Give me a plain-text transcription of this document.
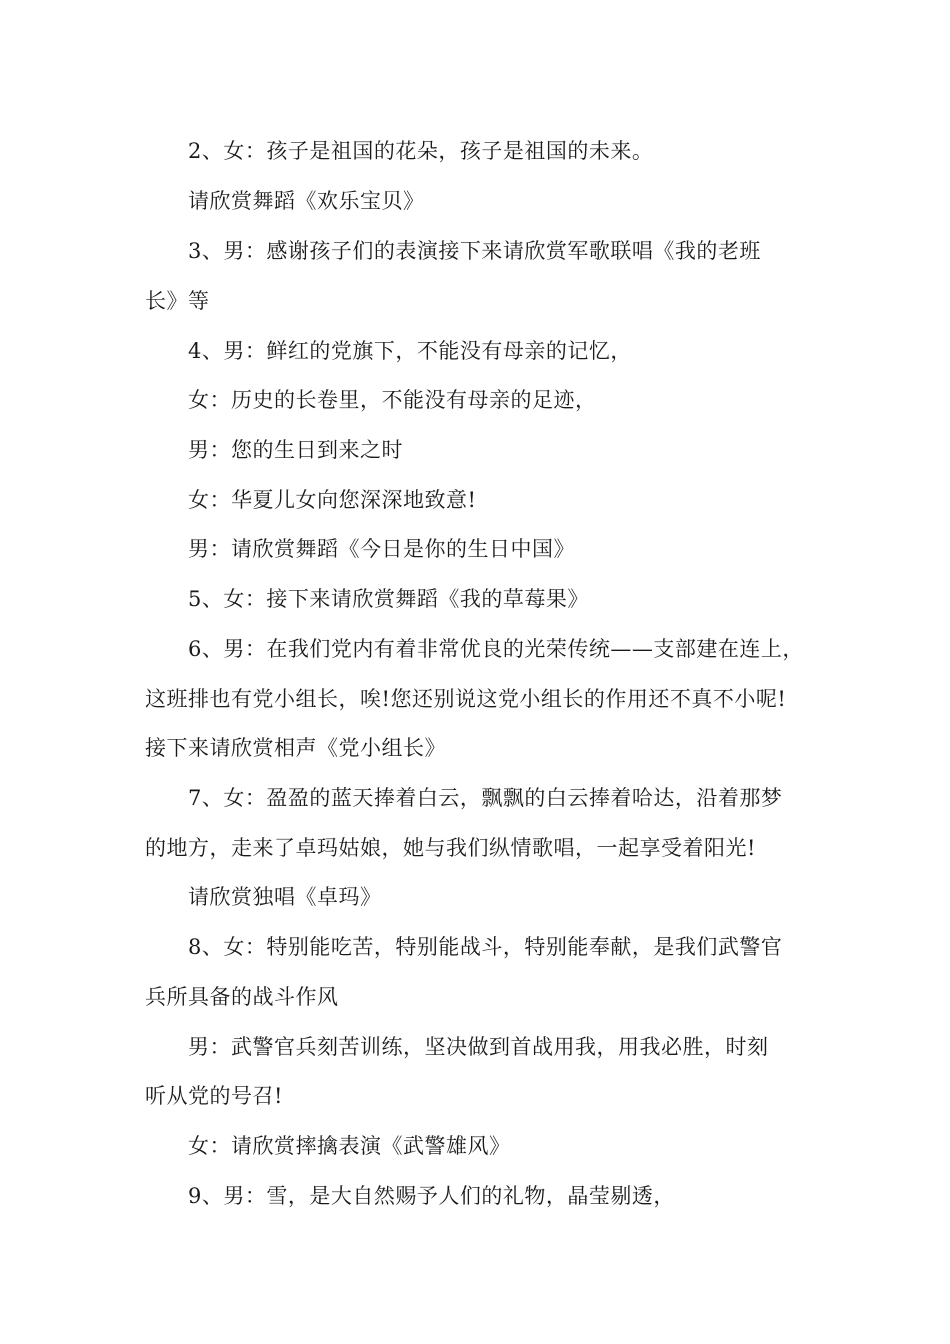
2、女：孩子是祖国的花朵，孩子是祖国的未来。
请欣赏舞蹈《欢乐宝贝》
3、男：感谢孩子们的表演接下来请欣赏军歌联唱《我的老班
长》等
4、男：鲜红的党旗下，不能没有母亲的记忆，
女：历史的长卷里，不能没有母亲的足迹，
男：您的生日到来之时
女：华夏儿女向您深深地致意!
男：请欣赏舞蹈《今日是你的生日中国》
5、女：接下来请欣赏舞蹈《我的草莓果》
6、男：在我们党内有着非常优良的光荣传统——支部建在连上，
这班排也有党小组长，唉!您还别说这党小组长的作用还不真不小呢!
接下来请欣赏相声《党小组长》
7、女：盈盈的蓝天捧着白云，飘飘的白云捧着哈达，沿着那梦
的地方，走来了卓玛姑娘，她与我们纵情歌唱，一起享受着阳光!
请欣赏独唱《卓玛》
8、女：特别能吃苦，特别能战斗，特别能奉献，是我们武警官
兵所具备的战斗作风
男：武警官兵刻苦训练，坚决做到首战用我，用我必胜，时刻
听从党的号召!
女：请欣赏摔擒表演《武警雄风》
9、男：雪，是大自然赐予人们的礼物，晶莹剔透，
